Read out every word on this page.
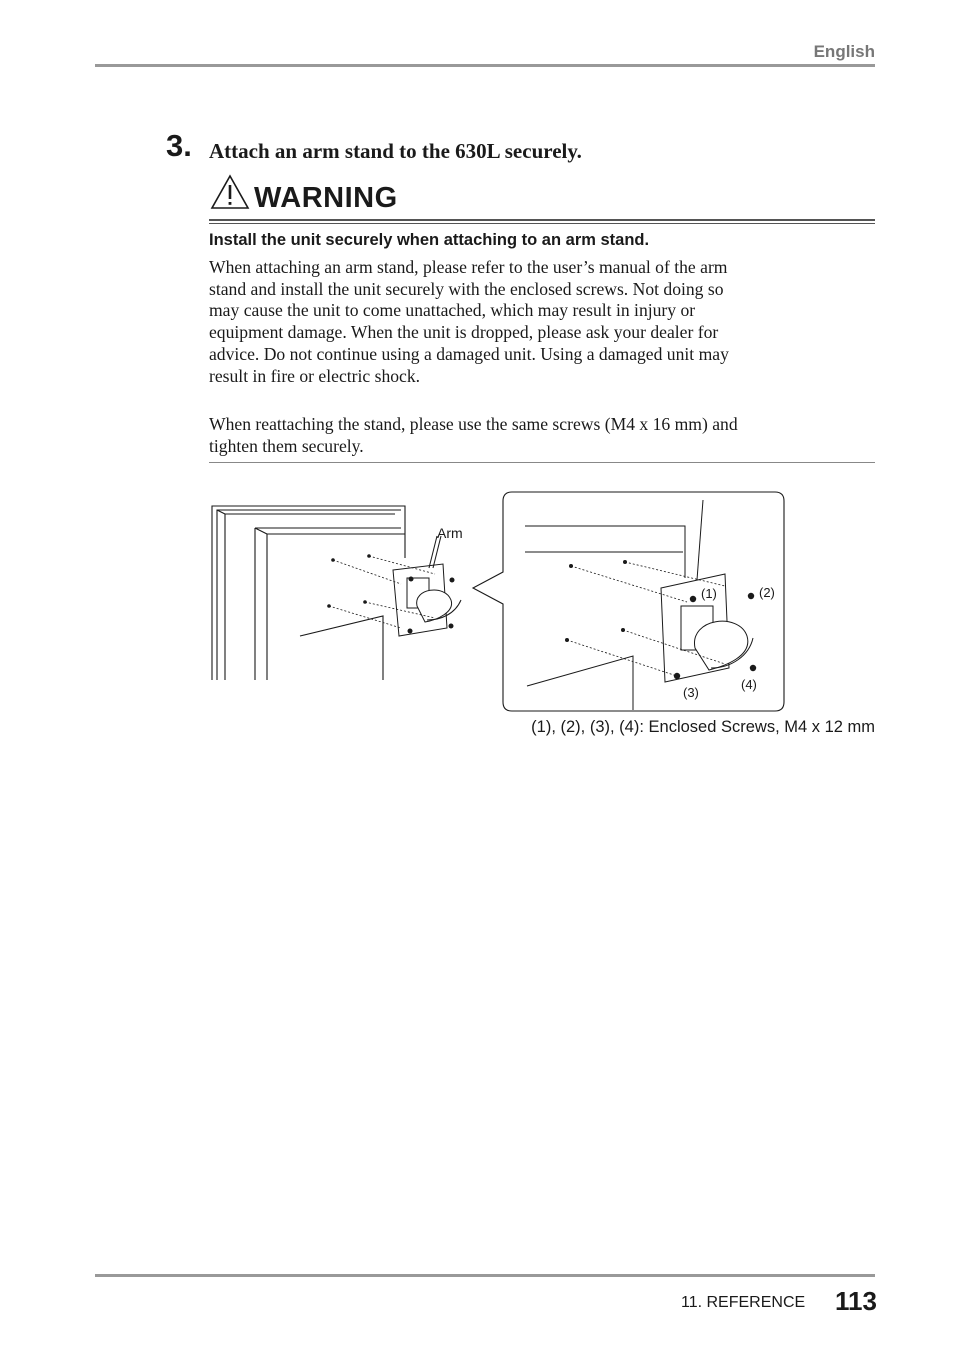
English
3. Attach an arm stand to the 630L securely.
WARNING
Install the unit securely when attaching to an arm stand.
When attaching an arm stand, please refer to the user’s manual of the arm stand and install the unit securely with the enclosed screws. Not doing so may cause the unit to come unattached, which may result in injury or equipment damage. When the unit is dropped, please ask your dealer for advice. Do not continue using a damaged unit. Using a damaged unit may result in fire or electric shock.
When reattaching the stand, please use the same screws (M4 x 16 mm) and tighten them securely.
Arm
(1)	(2)
(3)
(4)
(1), (2), (3), (4): Enclosed Screws, M4 x 12 mm
11. REFERENCE 113
